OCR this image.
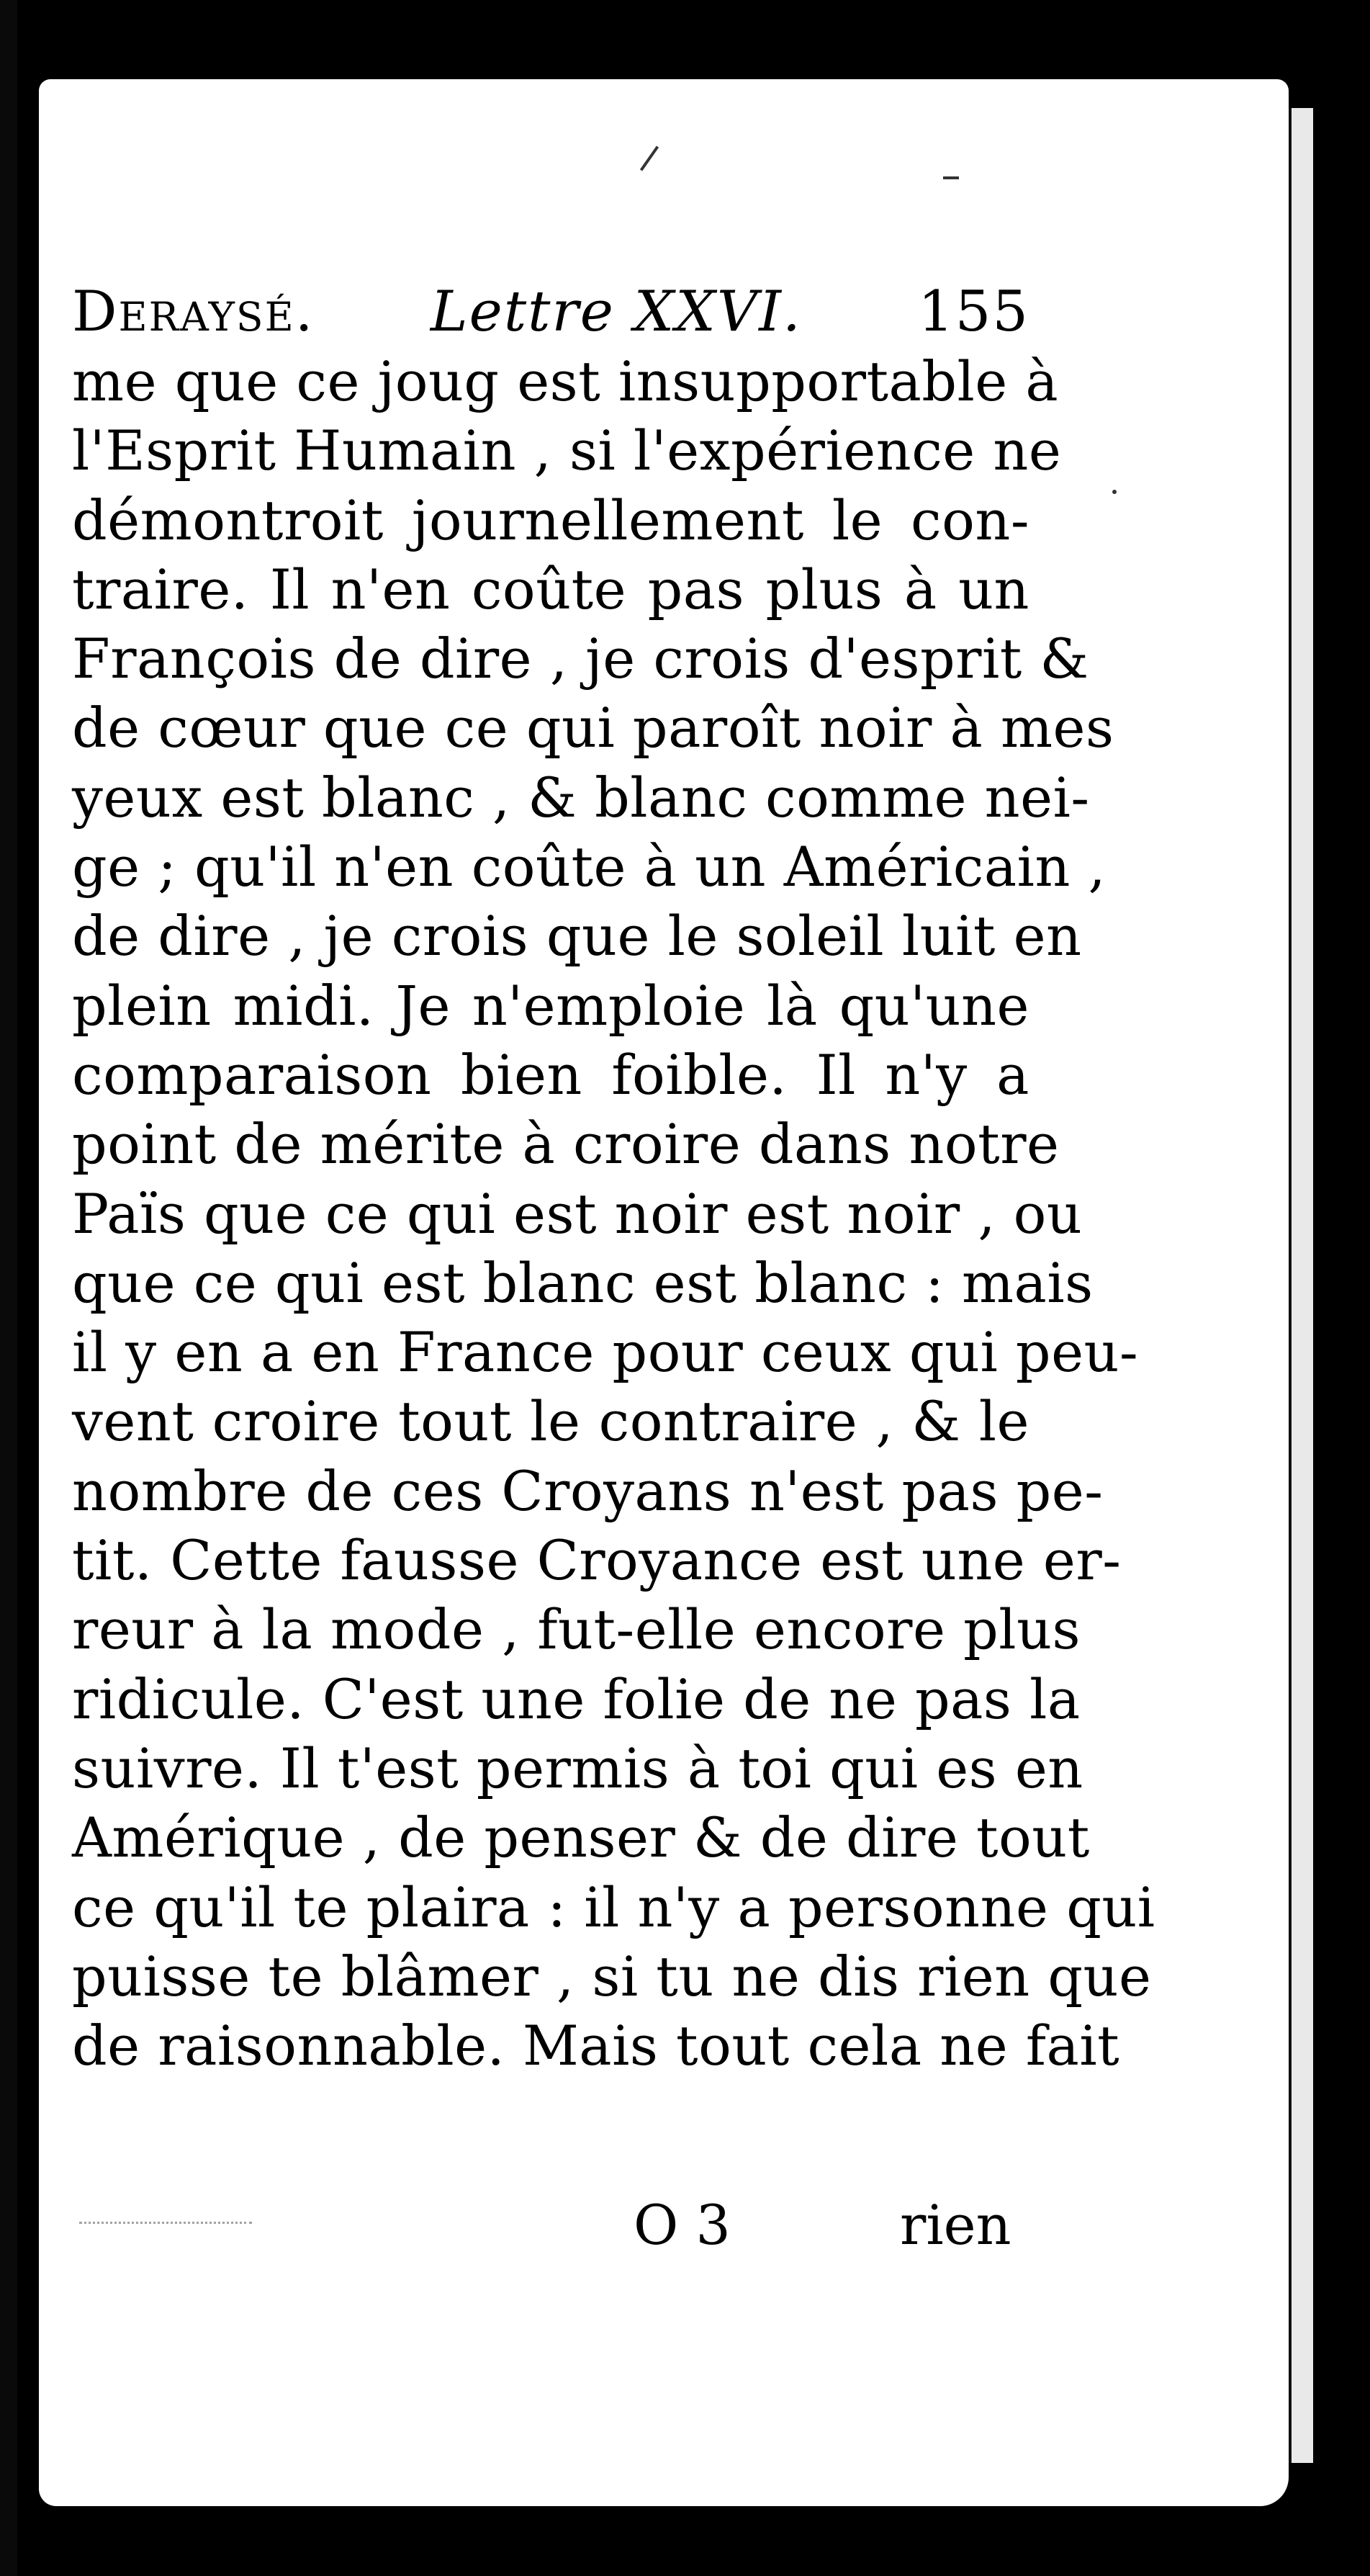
Deraysé. Lettre XXVI. 155
me que ce joug est insupportable à
l'Esprit Humain , si l'expérience ne
démontroit journellement le con-
traire. Il n'en coûte pas plus à un
François de dire , je crois d'esprit &
de cœur que ce qui paroît noir à mes
yeux est blanc , & blanc comme nei-
ge ; qu'il n'en coûte à un Américain ,
de dire , je crois que le soleil luit en
plein midi. Je n'emploie là qu'une
comparaison bien foible. Il n'y a
point de mérite à croire dans notre
Païs que ce qui est noir est noir , ou
que ce qui est blanc est blanc : mais
il y en a en France pour ceux qui peu-
vent croire tout le contraire , & le
nombre de ces Croyans n'est pas pe-
tit. Cette fausse Croyance est une er-
reur à la mode , fut-elle encore plus
ridicule. C'est une folie de ne pas la
suivre. Il t'est permis à toi qui es en
Amérique , de penser & de dire tout
ce qu'il te plaira : il n'y a personne qui
puisse te blâmer , si tu ne dis rien que
de raisonnable. Mais tout cela ne fait
O 3	rien
